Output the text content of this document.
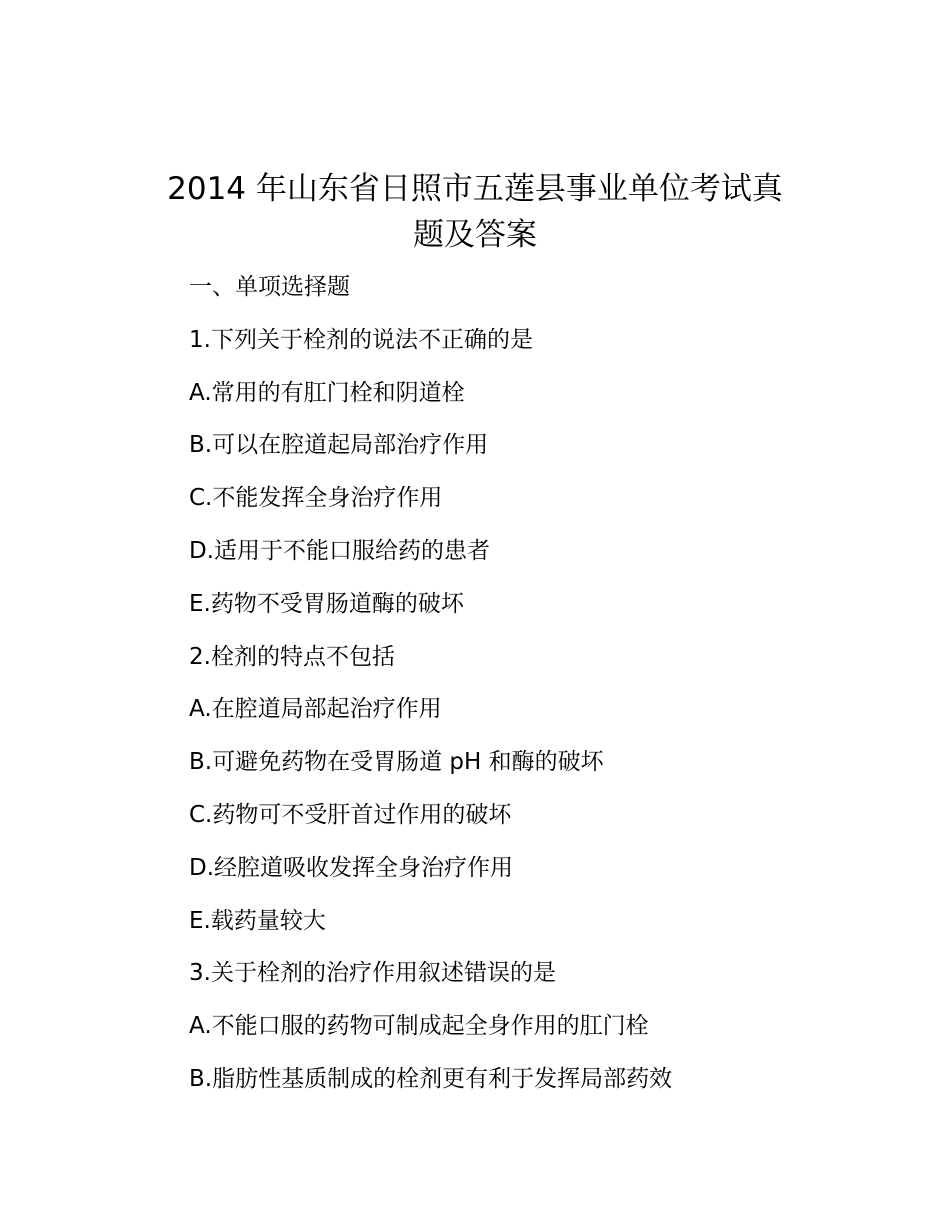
2014 年山东省日照市五莲县事业单位考试真
题及答案
一、单项选择题
1.下列关于栓剂的说法不正确的是
A.常用的有肛门栓和阴道栓
B.可以在腔道起局部治疗作用
C.不能发挥全身治疗作用
D.适用于不能口服给药的患者
E.药物不受胃肠道酶的破坏
2.栓剂的特点不包括
A.在腔道局部起治疗作用
B.可避免药物在受胃肠道 pH 和酶的破坏
C.药物可不受肝首过作用的破坏
D.经腔道吸收发挥全身治疗作用
E.载药量较大
3.关于栓剂的治疗作用叙述错误的是
A.不能口服的药物可制成起全身作用的肛门栓
B.脂肪性基质制成的栓剂更有利于发挥局部药效
